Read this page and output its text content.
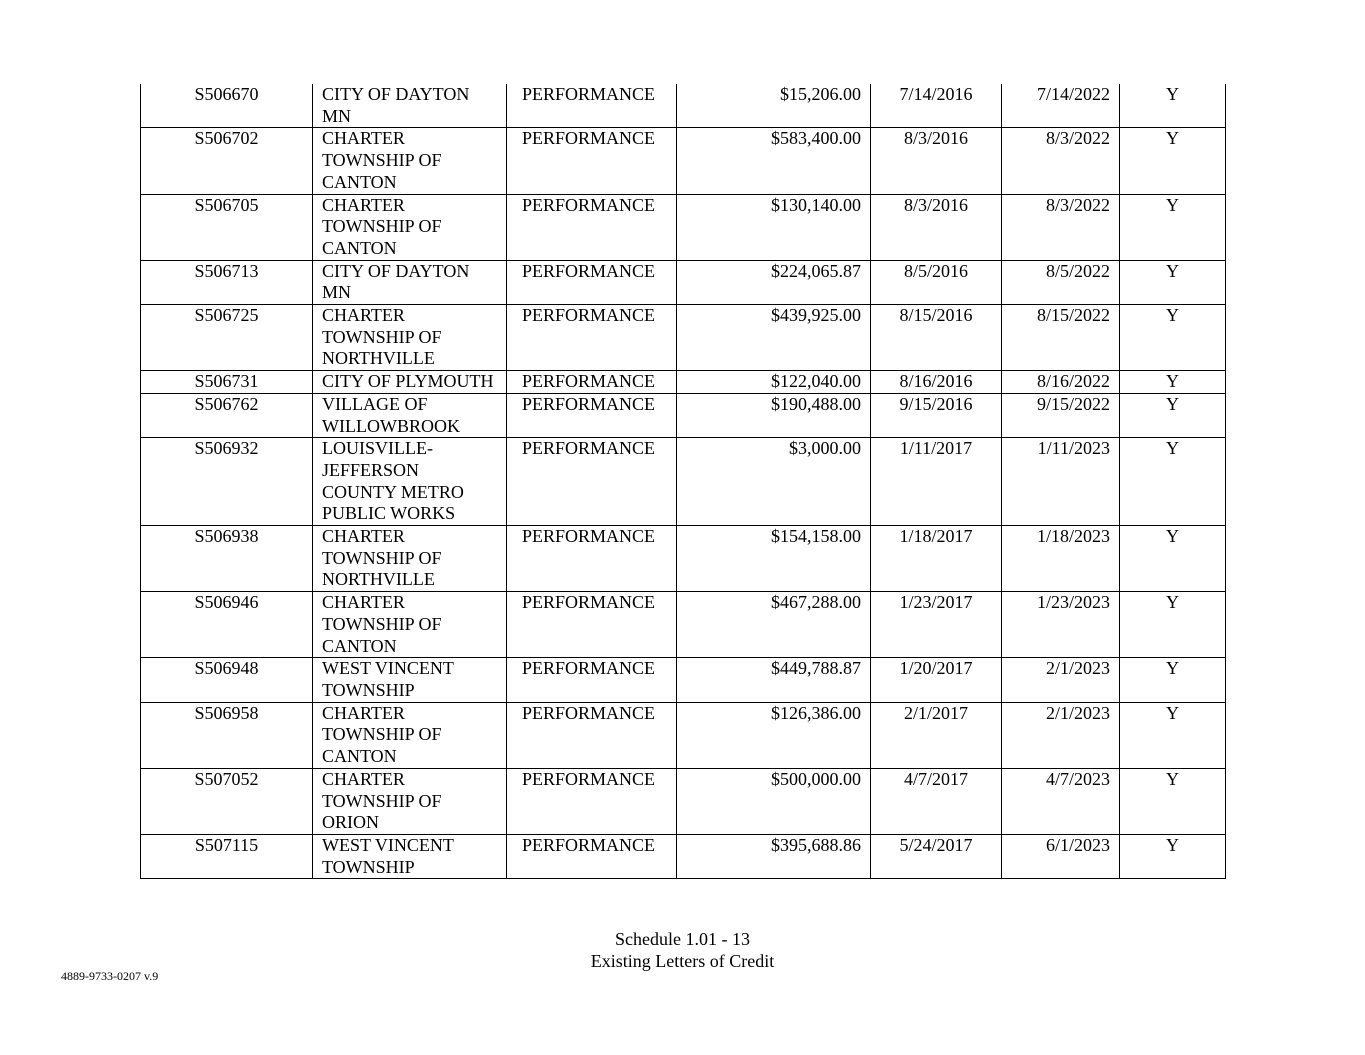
S506670	CITY OF DAYTON MN	PERFORMANCE	$15,206.00	7/14/2016	7/14/2022	Y
S506702	CHARTER TOWNSHIP OF CANTON	PERFORMANCE	$583,400.00	8/3/2016	8/3/2022	Y
S506705	CHARTER TOWNSHIP OF CANTON	PERFORMANCE	$130,140.00	8/3/2016	8/3/2022	Y
S506713	CITY OF DAYTON MN	PERFORMANCE	$224,065.87	8/5/2016	8/5/2022	Y
S506725	CHARTER TOWNSHIP OF NORTHVILLE	PERFORMANCE	$439,925.00	8/15/2016	8/15/2022	Y
S506731	CITY OF PLYMOUTH	PERFORMANCE	$122,040.00	8/16/2016	8/16/2022	Y
S506762	VILLAGE OF WILLOWBROOK	PERFORMANCE	$190,488.00	9/15/2016	9/15/2022	Y
S506932	LOUISVILLE-JEFFERSON COUNTY METRO PUBLIC WORKS	PERFORMANCE	$3,000.00	1/11/2017	1/11/2023	Y
S506938	CHARTER TOWNSHIP OF NORTHVILLE	PERFORMANCE	$154,158.00	1/18/2017	1/18/2023	Y
S506946	CHARTER TOWNSHIP OF CANTON	PERFORMANCE	$467,288.00	1/23/2017	1/23/2023	Y
S506948	WEST VINCENT TOWNSHIP	PERFORMANCE	$449,788.87	1/20/2017	2/1/2023	Y
S506958	CHARTER TOWNSHIP OF CANTON	PERFORMANCE	$126,386.00	2/1/2017	2/1/2023	Y
S507052	CHARTER TOWNSHIP OF ORION	PERFORMANCE	$500,000.00	4/7/2017	4/7/2023	Y
S507115	WEST VINCENT TOWNSHIP	PERFORMANCE	$395,688.86	5/24/2017	6/1/2023	Y
Schedule 1.01 - 13
Existing Letters of Credit
4889-9733-0207 v.9
